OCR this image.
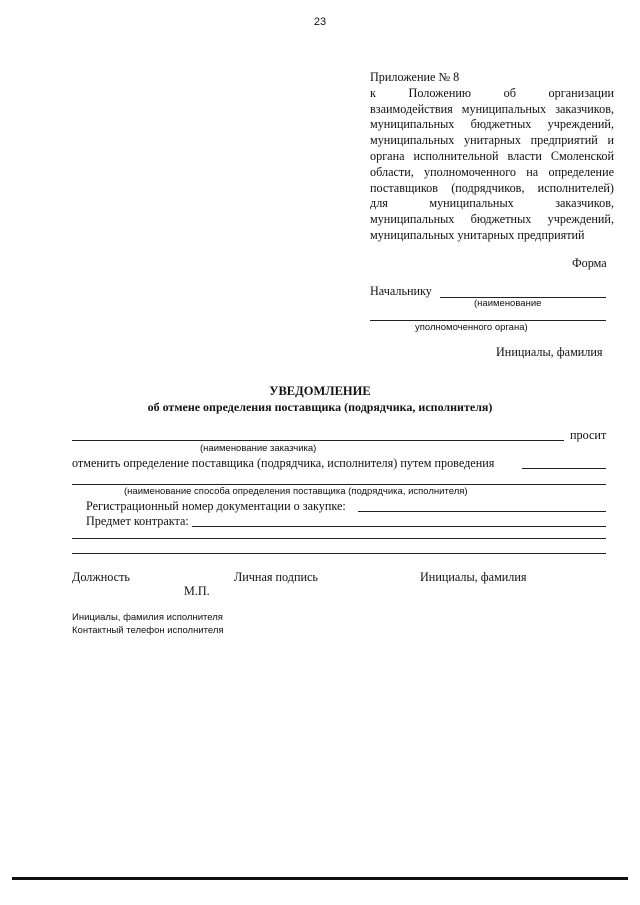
23
Приложение № 8
к Положению об организации
взаимодействия муниципальных заказчиков,
муниципальных бюджетных учреждений,
муниципальных унитарных предприятий и
органа исполнительной власти Смоленской
области, уполномоченного на определение
поставщиков (подрядчиков, исполнителей)
для муниципальных заказчиков,
муниципальных бюджетных учреждений,
муниципальных унитарных предприятий
Форма
Начальнику
(наименование
уполномоченного органа)
Инициалы, фамилия
УВЕДОМЛЕНИЕ
об отмене определения поставщика (подрядчика, исполнителя)
просит
(наименование заказчика)
отменить определение поставщика (подрядчика, исполнителя) путем проведения
(наименование способа определения поставщика (подрядчика, исполнителя)
Регистрационный номер документации о закупке:
Предмет контракта:
Должность	Личная подпись	Инициалы, фамилия
М.П.
Инициалы, фамилия исполнителя
Контактный телефон исполнителя
